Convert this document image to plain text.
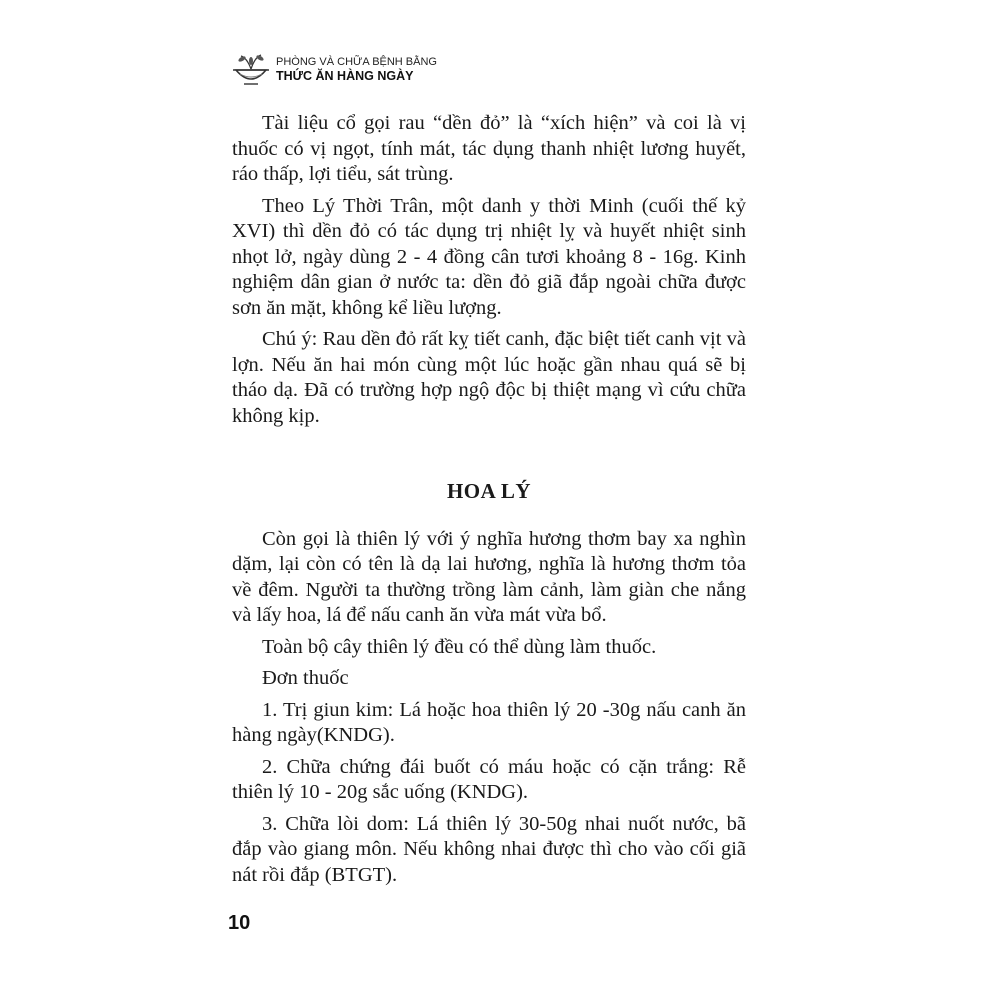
PHÒNG VÀ CHỮA BỆNH BẰNG
THỨC ĂN HÀNG NGÀY

Tài liệu cổ gọi rau “dền đỏ” là “xích hiện” và coi là vị thuốc có vị ngọt, tính mát, tác dụng thanh nhiệt lương huyết, ráo thấp, lợi tiểu, sát trùng.

Theo Lý Thời Trân, một danh y thời Minh (cuối thế kỷ XVI) thì dền đỏ có tác dụng trị nhiệt lỵ và huyết nhiệt sinh nhọt lở, ngày dùng 2 - 4 đồng cân tươi khoảng 8 - 16g. Kinh nghiệm dân gian ở nước ta: dền đỏ giã đắp ngoài chữa được sơn ăn mặt, không kể liều lượng.

Chú ý: Rau dền đỏ rất kỵ tiết canh, đặc biệt tiết canh vịt và lợn. Nếu ăn hai món cùng một lúc hoặc gần nhau quá sẽ bị tháo dạ. Đã có trường hợp ngộ độc bị thiệt mạng vì cứu chữa không kịp.

HOA LÝ

Còn gọi là thiên lý với ý nghĩa hương thơm bay xa nghìn dặm, lại còn có tên là dạ lai hương, nghĩa là hương thơm tỏa về đêm. Người ta thường trồng làm cảnh, làm giàn che nắng và lấy hoa, lá để nấu canh ăn vừa mát vừa bổ.

Toàn bộ cây thiên lý đều có thể dùng làm thuốc.

Đơn thuốc

1. Trị giun kim: Lá hoặc hoa thiên lý 20 -30g nấu canh ăn hàng ngày(KNDG).

2. Chữa chứng đái buốt có máu hoặc có cặn trắng: Rễ thiên lý 10 - 20g sắc uống (KNDG).

3. Chữa lòi dom: Lá thiên lý 30-50g nhai nuốt nước, bã đắp vào giang môn. Nếu không nhai được thì cho vào cối giã nát rồi đắp (BTGT).

10
